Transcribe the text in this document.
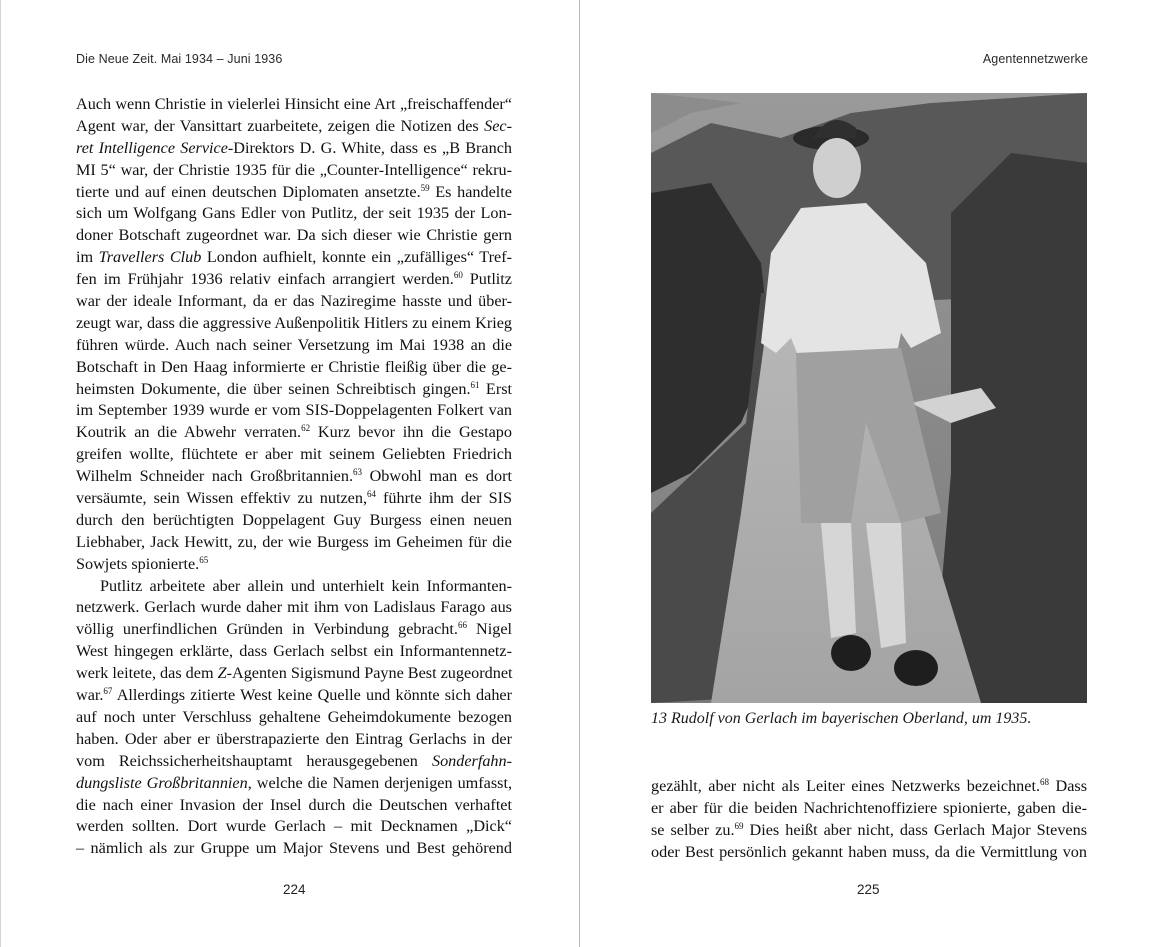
Die Neue Zeit. Mai 1934 – Juni 1936
Auch wenn Christie in vielerlei Hinsicht eine Art „freischaffender“
Agent war, der Vansittart zuarbeitete, zeigen die Notizen des Sec-
ret Intelligence Service-Direktors D. G. White, dass es „B Branch
MI 5“ war, der Christie 1935 für die „Counter-Intelligence“ rekru-
tierte und auf einen deutschen Diplomaten ansetzte.$^{59}$ Es handelte
sich um Wolfgang Gans Edler von Putlitz, der seit 1935 der Lon-
doner Botschaft zugeordnet war. Da sich dieser wie Christie gern
im Travellers Club London aufhielt, konnte ein „zufälliges“ Tref-
fen im Frühjahr 1936 relativ einfach arrangiert werden.$^{60}$ Putlitz
war der ideale Informant, da er das Naziregime hasste und über-
zeugt war, dass die aggressive Außenpolitik Hitlers zu einem Krieg
führen würde. Auch nach seiner Versetzung im Mai 1938 an die
Botschaft in Den Haag informierte er Christie fleißig über die ge-
heimsten Dokumente, die über seinen Schreibtisch gingen.$^{61}$ Erst
im September 1939 wurde er vom SIS-Doppelagenten Folkert van
Koutrik an die Abwehr verraten.$^{62}$ Kurz bevor ihn die Gestapo
greifen wollte, flüchtete er aber mit seinem Geliebten Friedrich
Wilhelm Schneider nach Großbritannien.$^{63}$ Obwohl man es dort
versäumte, sein Wissen effektiv zu nutzen,$^{64}$ führte ihm der SIS
durch den berüchtigten Doppelagent Guy Burgess einen neuen
Liebhaber, Jack Hewitt, zu, der wie Burgess im Geheimen für die
Sowjets spionierte.$^{65}$
Putlitz arbeitete aber allein und unterhielt kein Informanten-
netzwerk. Gerlach wurde daher mit ihm von Ladislaus Farago aus
völlig unerfindlichen Gründen in Verbindung gebracht.$^{66}$ Nigel
West hingegen erklärte, dass Gerlach selbst ein Informantennetz-
werk leitete, das dem Z-Agenten Sigismund Payne Best zugeordnet
war.$^{67}$ Allerdings zitierte West keine Quelle und könnte sich daher
auf noch unter Verschluss gehaltene Geheimdokumente bezogen
haben. Oder aber er überstrapazierte den Eintrag Gerlachs in der
vom Reichssicherheitshauptamt herausgegebenen Sonderfahn-
dungsliste Großbritannien, welche die Namen derjenigen umfasst,
die nach einer Invasion der Insel durch die Deutschen verhaftet
werden sollten. Dort wurde Gerlach – mit Decknamen „Dick“
– nämlich als zur Gruppe um Major Stevens und Best gehörend
224
Agentennetzwerke
13 Rudolf von Gerlach im bayerischen Oberland, um 1935.
gezählt, aber nicht als Leiter eines Netzwerks bezeichnet.$^{68}$ Dass
er aber für die beiden Nachrichtenoffiziere spionierte, gaben die-
se selber zu.$^{69}$ Dies heißt aber nicht, dass Gerlach Major Stevens
oder Best persönlich gekannt haben muss, da die Vermittlung von
225
